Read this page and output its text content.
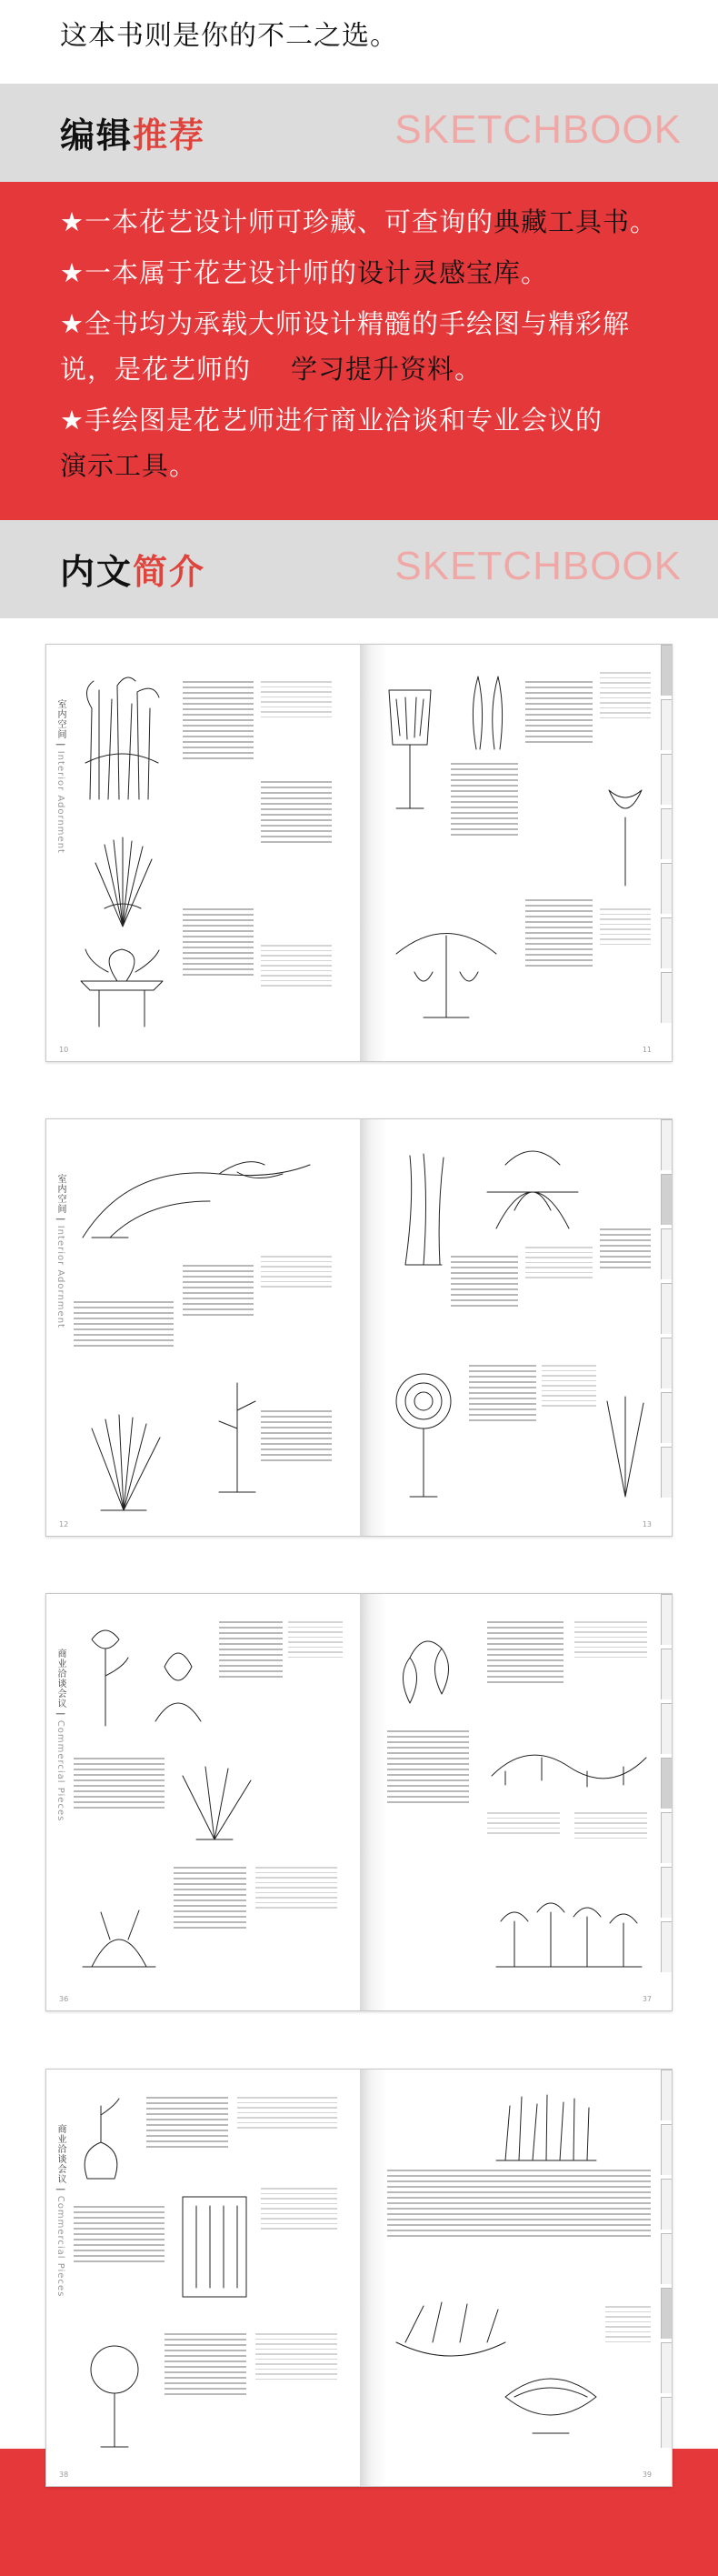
这本书则是你的不二之选。
编辑推荐	SKETCHBOOK
★一本花艺设计师可珍藏、可查询的典藏工具书。
★一本属于花艺设计师的设计灵感宝库。
★全书均为承载大师设计精髓的手绘图与精彩解
说，是花艺师的 学习提升资料。
★手绘图是花艺师进行商业洽谈和专业会议的
演示工具。
内文简介	SKETCHBOOK
室内空间 | Interior Adornment
10	11
室内空间 | Interior Adornment
12	13
商业洽谈会议 | Commercial Pieces
36	37
商业洽谈会议 | Commercial Pieces
38	39
